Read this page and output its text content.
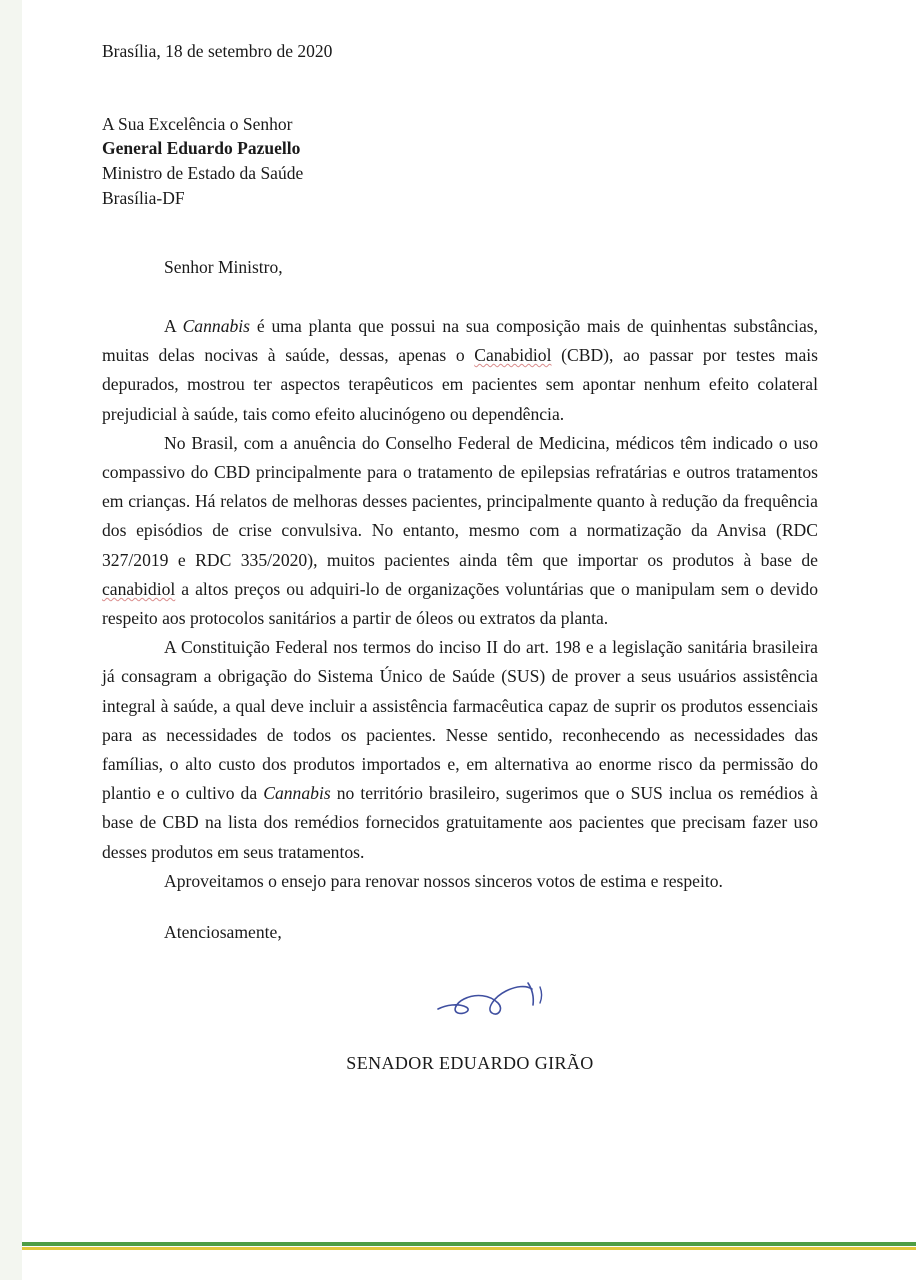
Brasília, 18 de setembro de 2020
A Sua Excelência o Senhor
General Eduardo Pazuello
Ministro de Estado da Saúde
Brasília-DF
Senhor Ministro,

A Cannabis é uma planta que possui na sua composição mais de quinhentas substâncias, muitas delas nocivas à saúde, dessas, apenas o Canabidiol (CBD), ao passar por testes mais depurados, mostrou ter aspectos terapêuticos em pacientes sem apontar nenhum efeito colateral prejudicial à saúde, tais como efeito alucinógeno ou dependência.

No Brasil, com a anuência do Conselho Federal de Medicina, médicos têm indicado o uso compassivo do CBD principalmente para o tratamento de epilepsias refratárias e outros tratamentos em crianças. Há relatos de melhoras desses pacientes, principalmente quanto à redução da frequência dos episódios de crise convulsiva. No entanto, mesmo com a normatização da Anvisa (RDC 327/2019 e RDC 335/2020), muitos pacientes ainda têm que importar os produtos à base de canabidiol a altos preços ou adquiri-lo de organizações voluntárias que o manipulam sem o devido respeito aos protocolos sanitários a partir de óleos ou extratos da planta.

A Constituição Federal nos termos do inciso II do art. 198 e a legislação sanitária brasileira já consagram a obrigação do Sistema Único de Saúde (SUS) de prover a seus usuários assistência integral à saúde, a qual deve incluir a assistência farmacêutica capaz de suprir os produtos essenciais para as necessidades de todos os pacientes. Nesse sentido, reconhecendo as necessidades das famílias, o alto custo dos produtos importados e, em alternativa ao enorme risco da permissão do plantio e o cultivo da Cannabis no território brasileiro, sugerimos que o SUS inclua os remédios à base de CBD na lista dos remédios fornecidos gratuitamente aos pacientes que precisam fazer uso desses produtos em seus tratamentos.

Aproveitamos o ensejo para renovar nossos sinceros votos de estima e respeito.

Atenciosamente,
SENADOR EDUARDO GIRÃO
